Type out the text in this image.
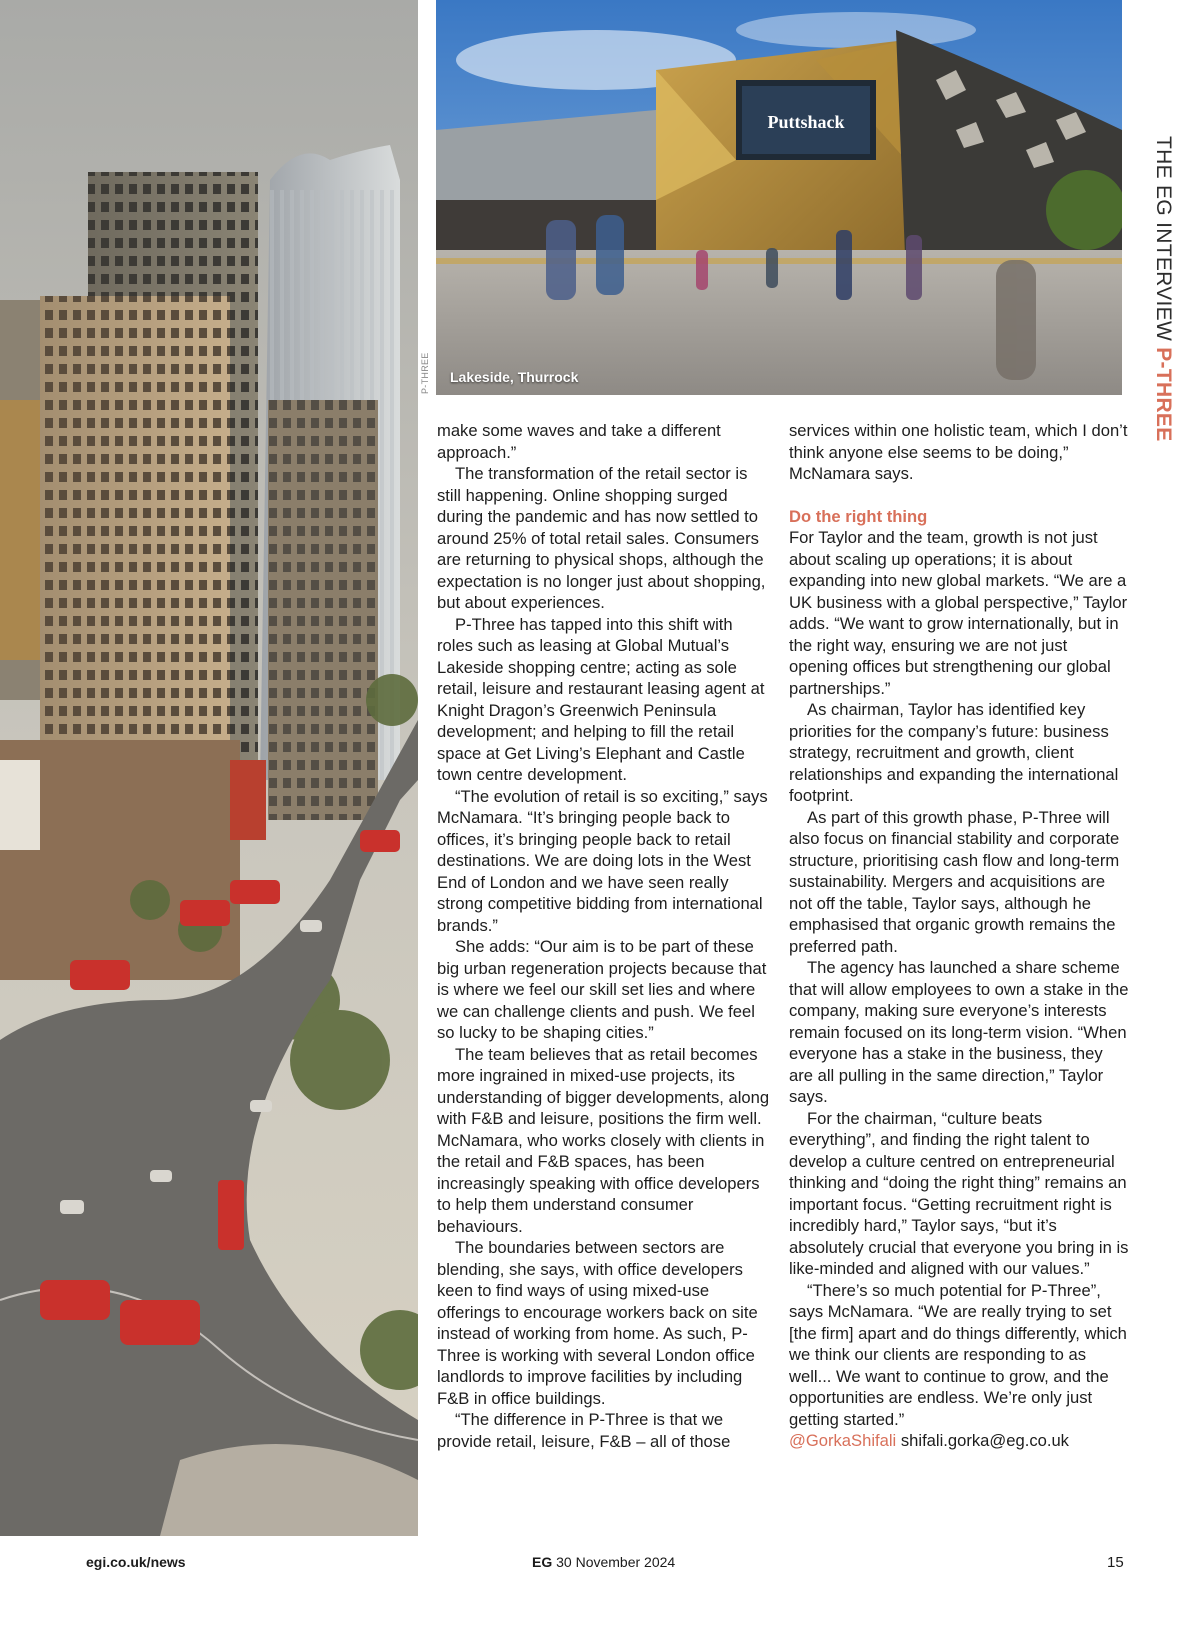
Puttshack
Lakeside, Thurrock
P-THREE
THE EG INTERVIEW P-THREE

make some waves and take a different approach.”

The transformation of the retail sector is still happening. Online shopping surged during the pandemic and has now settled to around 25% of total retail sales. Consumers are returning to physical shops, although the expectation is no longer just about shopping, but about experiences.

P-Three has tapped into this shift with roles such as leasing at Global Mutual’s Lakeside shopping centre; acting as sole retail, leisure and restaurant leasing agent at Knight Dragon’s Greenwich Peninsula development; and helping to fill the retail space at Get Living’s Elephant and Castle town centre development.

“The evolution of retail is so exciting,” says McNamara. “It’s bringing people back to offices, it’s bringing people back to retail destinations. We are doing lots in the West End of London and we have seen really strong competitive bidding from international brands.”

She adds: “Our aim is to be part of these big urban regeneration projects because that is where we feel our skill set lies and where we can challenge clients and push. We feel so lucky to be shaping cities.”

The team believes that as retail becomes more ingrained in mixed-use projects, its understanding of bigger developments, along with F&B and leisure, positions the firm well. McNamara, who works closely with clients in the retail and F&B spaces, has been increasingly speaking with office developers to help them understand consumer behaviours.

The boundaries between sectors are blending, she says, with office developers keen to find ways of using mixed-use offerings to encourage workers back on site instead of working from home. As such, P-Three is working with several London office landlords to improve facilities by including F&B in office buildings.

“The difference in P-Three is that we provide retail, leisure, F&B – all of those

services within one holistic team, which I don’t think anyone else seems to be doing,” McNamara says.

Do the right thing

For Taylor and the team, growth is not just about scaling up operations; it is about expanding into new global markets. “We are a UK business with a global perspective,” Taylor adds. “We want to grow internationally, but in the right way, ensuring we are not just opening offices but strengthening our global partnerships.”

As chairman, Taylor has identified key priorities for the company’s future: business strategy, recruitment and growth, client relationships and expanding the international footprint.

As part of this growth phase, P-Three will also focus on financial stability and corporate structure, prioritising cash flow and long-term sustainability. Mergers and acquisitions are not off the table, Taylor says, although he emphasised that organic growth remains the preferred path.

The agency has launched a share scheme that will allow employees to own a stake in the company, making sure everyone’s interests remain focused on its long-term vision. “When everyone has a stake in the business, they are all pulling in the same direction,” Taylor says.

For the chairman, “culture beats everything”, and finding the right talent to develop a culture centred on entrepreneurial thinking and “doing the right thing” remains an important focus. “Getting recruitment right is incredibly hard,” Taylor says, “but it’s absolutely crucial that everyone you bring in is like-minded and aligned with our values.”

“There’s so much potential for P-Three”, says McNamara. “We are really trying to set [the firm] apart and do things differently, which we think our clients are responding to as well... We want to continue to grow, and the opportunities are endless. We’re only just getting started.”

@GorkaShifali shifali.gorka@eg.co.uk

egi.co.uk/news	EG 30 November 2024	15
